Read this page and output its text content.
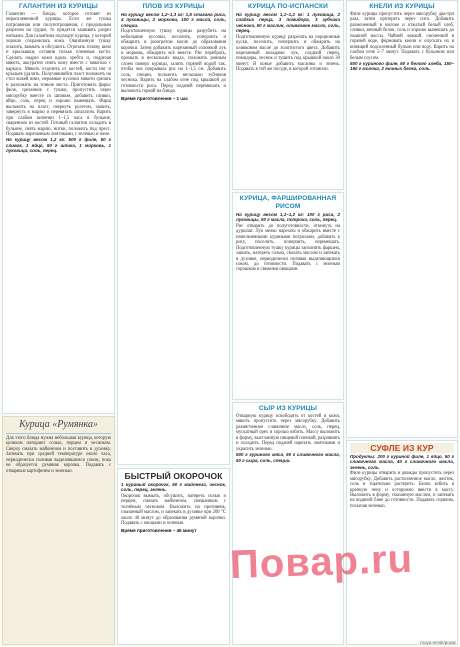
ГАЛАНТИН ИЗ КУРИЦЫ
Галантин — блюдо, которое готовят из нерасчлененной курицы. Если же тушка потрошеная или полупотрошеная, с продольным разрезом на грудке, то придется зашивать разрез нитками. Для галантина подходит курица, у которой хорошо сохранилась кожа. Ощипанную тушку опалить, вымыть и обсушить. Отрезать голову, шею и крылышки, оставив только плечевые кости. Сделать надрез кожи вдоль хребта и, подрезая мякоть, аккуратно снять кожу вместе с мякотью с каркаса. Мякоть отделить от костей, кости ног и крыльев удалить. Получившийся пласт положить на стол кожей вниз, неровные кусочки мякоти срезать и разложить на тонкие места. Приготовить фарш: филе, срезанное с тушки, пропустить через мясорубку вместе со шпиком, добавить сливки, яйцо, соль, перец и хорошо вымешать. Фарш выложить на пласт, свернуть рулетом, зашить, завернуть в марлю и перевязать шпагатом. Варить при слабом кипении 1–1,5 часа в бульоне, сваренном из костей. Готовый галантин охладить в бульоне, снять марлю, нитки, положить под пресс. Подавать нарезанным ломтиками, с зеленью и желе.
На курицу весом 1,2 кг: 500 г филе, 50 г сливок, 1 яйцо, 50 г шпика, 1 морковь, 1 луковица, соль, перец.
Курица «Румянка»
Для этого блюда нужна небольшая курица, которую целиком натирают солью, перцем и чесноком. Сверху смазать майонезом и поставить в духовку. Запекать при средней температуре около часа, периодически поливая выделившимся соком, пока не образуется румяная корочка. Подавать с отварным картофелем и зеленью.
ПЛОВ ИЗ КУРИЦЫ
На курицу весом 1,2–1,3 кг: 1,5 стакана риса, 4 луковицы, 2 моркови, 100 г масла, соль, специи.
Подготовленную тушку курицы разрубить на небольшие кусочки, посолить, поперчить и обжарить в разогретом масле до образования корочки. Затем добавить нарезанный соломкой лук и морковь, обжарить всё вместе. Рис перебрать, промыть в нескольких водах, положить ровным слоем поверх курицы, залить горячей водой так, чтобы она покрывала рис на 1–1,5 см. Добавить соль, специи, положить несколько зубчиков чеснока. Варить на слабом огне под крышкой до готовности риса. Перед подачей перемешать и выложить горкой на блюдо.
Время приготовления – 1 час
БЫСТРЫЙ ОКОРОЧОК
1 куриный окорочок, 50 г майонеза, чеснок, соль, перец, зелень.
Окорочок вымыть, обсушить, натереть солью и перцем, смазать майонезом, смешанным с толчёным чесноком. Выложить на противень, смазанный маслом, и запекать в духовке при 200 °С около 40 минут до образования румяной корочки. Подавать с овощами и зеленью.
Время приготовления – 45 минут
КУРИЦА ПО-ИСПАНСКИ
На курицу весом 1,1–1,2 кг: 1 луковица, 2 сладких перца, 3 помидора, 3 зубчика чеснока, 50 г маслин, оливковое масло, соль, перец.
Подготовленную курицу разрезать на порционные куски, посолить, поперчить и обжарить на оливковом масле до золотистого цвета. Добавить нарезанный кольцами лук, сладкий перец, помидоры, чеснок и тушить под крышкой около 30 минут. В конце добавить маслины и зелень. Подавать в той же посуде, в которой готовили.
КУРИЦА, ФАРШИРОВАННАЯ РИСОМ
На курицу весом 1,1–1,2 кг: 100 г риса, 2 луковицы, 50 г масла, потроха, соль, перец.
Рис отварить до полуготовности, откинуть на дуршлаг. Лук мелко нарезать и обжарить вместе с измельченными куриными потрохами, добавить к рису, посолить, поперчить, перемешать. Подготовленную тушку курицы заполнить фаршем, зашить, натереть солью, смазать маслом и запекать в духовке, периодически поливая выделяющимся соком, до готовности. Подавать с зеленым горошком и свежими овощами.
СЫР ИЗ КУРИЦЫ
Отварную курицу освободить от костей и кожи, мякоть пропустить через мясорубку. Добавить размягченное сливочное масло, соль, перец, мускатный орех и хорошо взбить. Массу выложить в форму, выстланную пищевой пленкой, разровнять и охладить. Перед подачей нарезать ломтиками и украсить зеленью.
500 г куриного мяса, 60 г сливочного масла, 50 г сыра, соль, специи.
КНЕЛИ ИЗ КУРИЦЫ
Филе курицы пропустить через мясорубку два-три раза, затем протереть через сито. Добавить размоченный в молоке и отжатый белый хлеб, сливки, яичный белок, соль и хорошо вымешать до пышной массы. Чайной ложкой, смоченной в горячей воде, формовать кнели и опускать их в кипящий подсоленный бульон или воду. Варить на слабом огне 5–7 минут. Подавать с бульоном или белым соусом.
500 г куриного филе, 60 г белого хлеба, 150–160 г молока, 2 яичных белка, соль.
СУФЛЕ ИЗ КУР
Продукты: 200 г куриной филе, 1 яйцо, 50 г сливочного масла, 40 г сливочного масла, зелень, соль.
Филе курицы отварить и дважды пропустить через мясорубку. Добавить растопленное масло, желток, соль и тщательно растереть. Белок взбить в крепкую пену и осторожно ввести в массу. Выложить в форму, смазанную маслом, и запекать на водяной бане до готовности. Подавать горячим, посыпав зеленью.
Повар.ru
moya.ernsk/povar
